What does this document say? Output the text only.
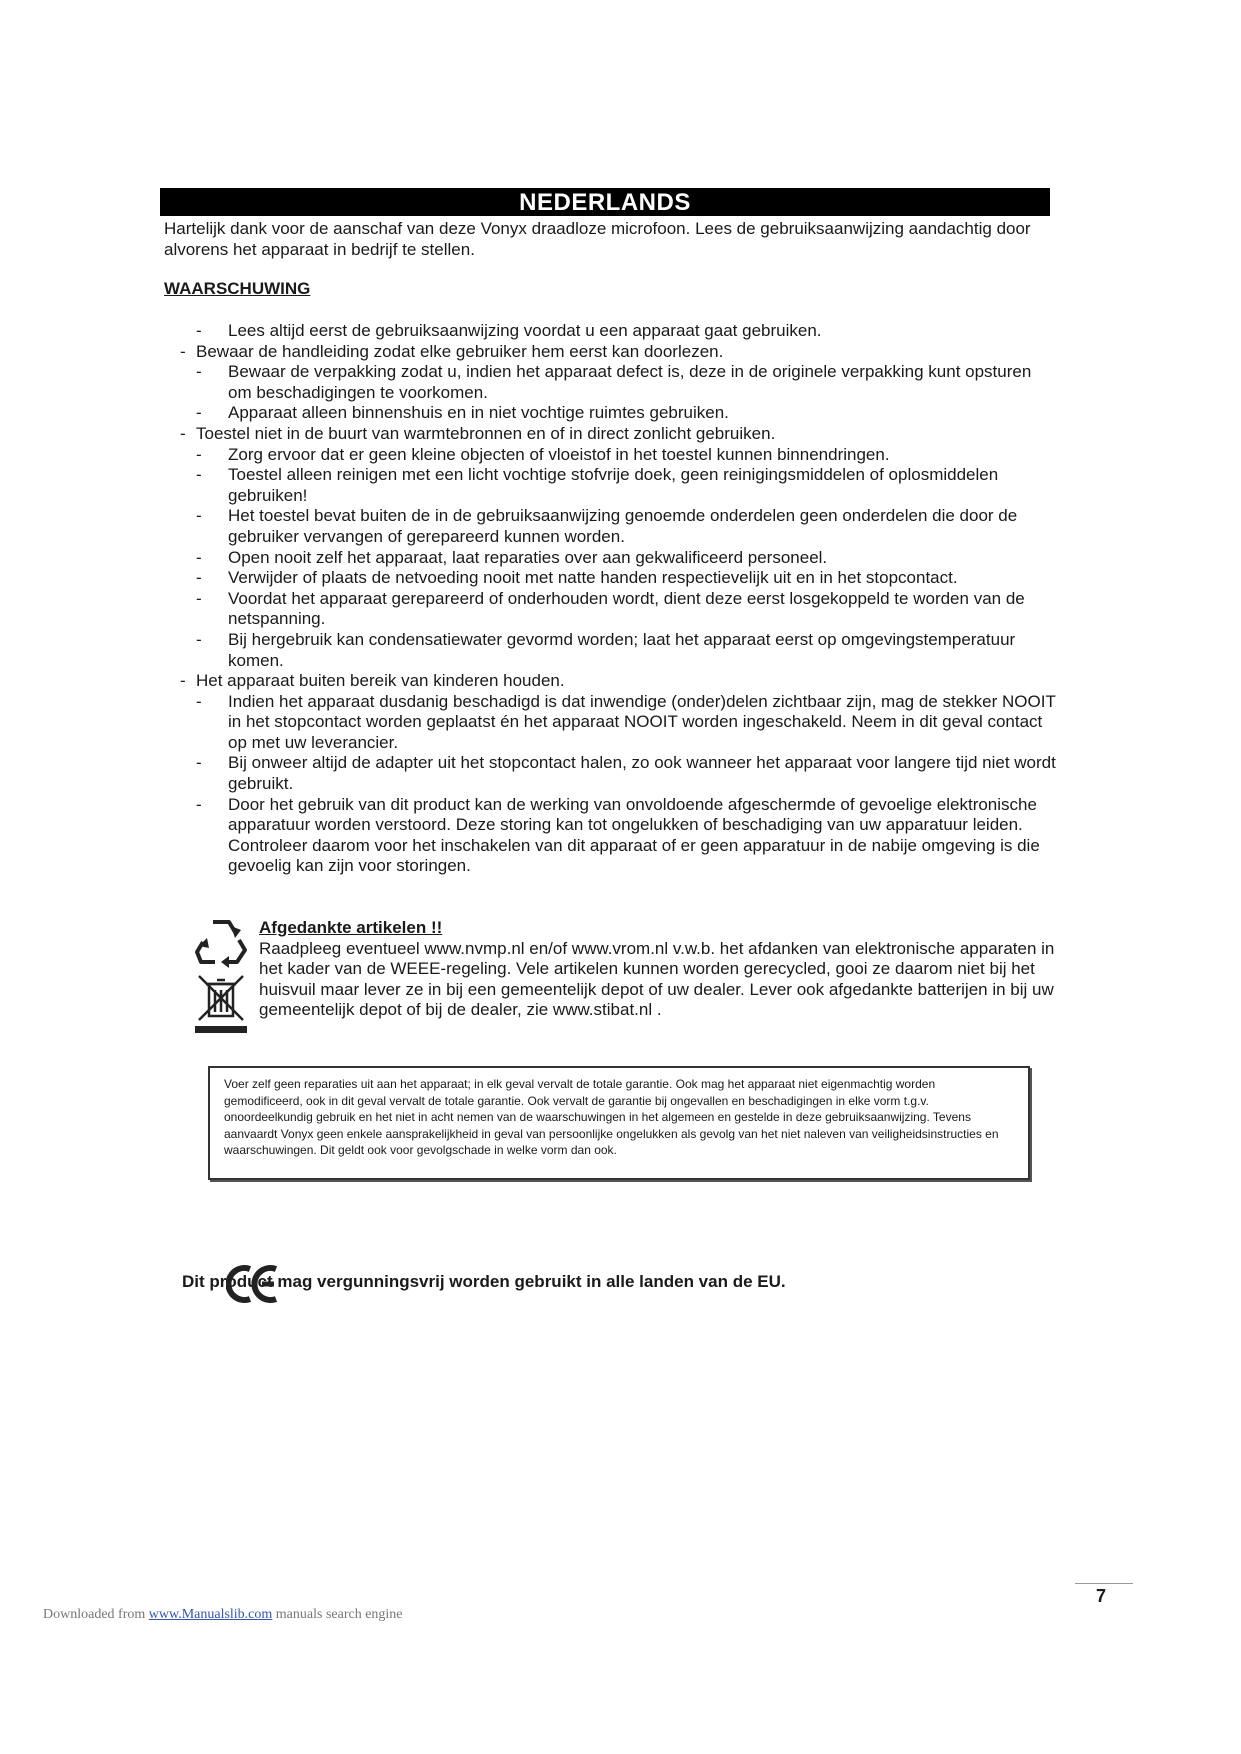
NEDERLANDS

Hartelijk dank voor de aanschaf van deze Vonyx draadloze microfoon. Lees de gebruiksaanwijzing aandachtig door alvorens het apparaat in bedrijf te stellen.

WAARSCHUWING

- Lees altijd eerst de gebruiksaanwijzing voordat u een apparaat gaat gebruiken.
- Bewaar de handleiding zodat elke gebruiker hem eerst kan doorlezen.
- Bewaar de verpakking zodat u, indien het apparaat defect is, deze in de originele verpakking kunt opsturen om beschadigingen te voorkomen.
- Apparaat alleen binnenshuis en in niet vochtige ruimtes gebruiken.
- Toestel niet in de buurt van warmtebronnen en of in direct zonlicht gebruiken.
- Zorg ervoor dat er geen kleine objecten of vloeistof in het toestel kunnen binnendringen.
- Toestel alleen reinigen met een licht vochtige stofvrije doek, geen reinigingsmiddelen of oplosmiddelen gebruiken!
- Het toestel bevat buiten de in de gebruiksaanwijzing genoemde onderdelen geen onderdelen die door de gebruiker vervangen of gerepareerd kunnen worden.
- Open nooit zelf het apparaat, laat reparaties over aan gekwalificeerd personeel.
- Verwijder of plaats de netvoeding nooit met natte handen respectievelijk uit en in het stopcontact.
- Voordat het apparaat gerepareerd of onderhouden wordt, dient deze eerst losgekoppeld te worden van de netspanning.
- Bij hergebruik kan condensatiewater gevormd worden; laat het apparaat eerst op omgevingstemperatuur komen.
- Het apparaat buiten bereik van kinderen houden.
- Indien het apparaat dusdanig beschadigd is dat inwendige (onder)delen zichtbaar zijn, mag de stekker NOOIT in het stopcontact worden geplaatst én het apparaat NOOIT worden ingeschakeld. Neem in dit geval contact op met uw leverancier.
- Bij onweer altijd de adapter uit het stopcontact halen, zo ook wanneer het apparaat voor langere tijd niet wordt gebruikt.
- Door het gebruik van dit product kan de werking van onvoldoende afgeschermde of gevoelige elektronische apparatuur worden verstoord. Deze storing kan tot ongelukken of beschadiging van uw apparatuur leiden. Controleer daarom voor het inschakelen van dit apparaat of er geen apparatuur in de nabije omgeving is die gevoelig kan zijn voor storingen.
Afgedankte artikelen !!
Raadpleeg eventueel www.nvmp.nl en/of www.vrom.nl v.w.b. het afdanken van elektronische apparaten in het kader van de WEEE-regeling. Vele artikelen kunnen worden gerecycled, gooi ze daarom niet bij het huisvuil maar lever ze in bij een gemeentelijk depot of uw dealer. Lever ook afgedankte batterijen in bij uw gemeentelijk depot of bij de dealer, zie www.stibat.nl .
Voer zelf geen reparaties uit aan het apparaat; in elk geval vervalt de totale garantie. Ook mag het apparaat niet eigenmachtig worden gemodificeerd, ook in dit geval vervalt de totale garantie. Ook vervalt de garantie bij ongevallen en beschadigingen in elke vorm t.g.v. onoordeelkundig gebruik en het niet in acht nemen van de waarschuwingen in het algemeen en gestelde in deze gebruiksaanwijzing. Tevens aanvaardt Vonyx geen enkele aansprakelijkheid in geval van persoonlijke ongelukken als gevolg van het niet naleven van veiligheidsinstructies en waarschuwingen. Dit geldt ook voor gevolgschade in welke vorm dan ook.
Dit product mag vergunningsvrij worden gebruikt in alle landen van de EU.
7
Downloaded from www.Manualslib.com manuals search engine
